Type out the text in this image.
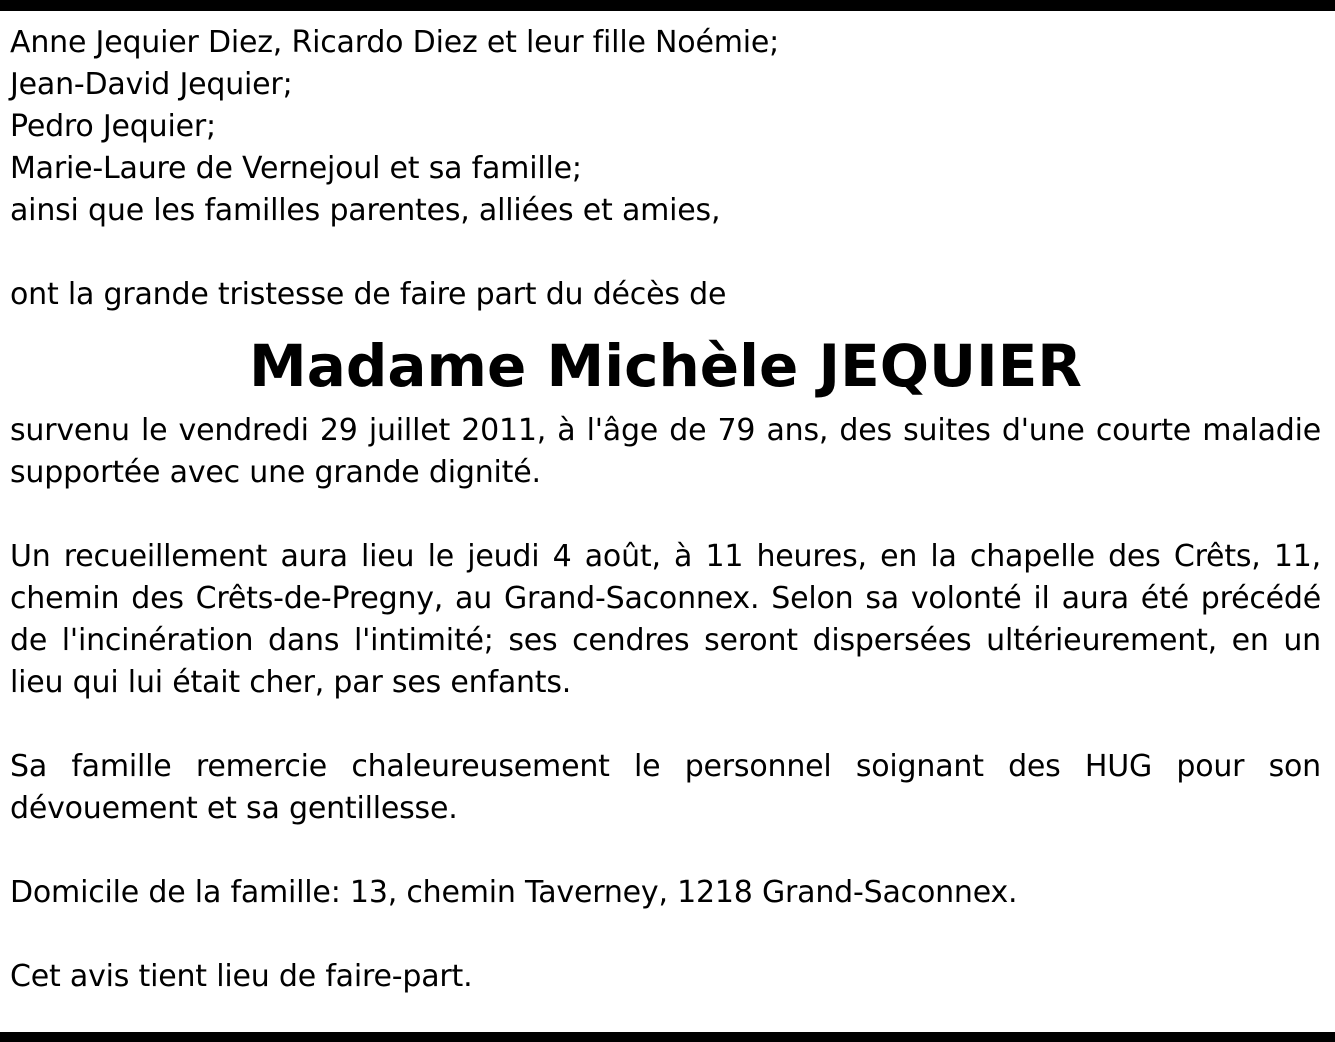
Anne Jequier Diez, Ricardo Diez et leur fille Noémie;
Jean-David Jequier;
Pedro Jequier;
Marie-Laure de Vernejoul et sa famille;
ainsi que les familles parentes, alliées et amies,
ont la grande tristesse de faire part du décès de
Madame Michèle JEQUIER
survenu le vendredi 29 juillet 2011, à l'âge de 79 ans, des suites d'une courte maladie supportée avec une grande dignité.
Un recueillement aura lieu le jeudi 4 août, à 11 heures, en la chapelle des Crêts, 11, chemin des Crêts-de-Pregny, au Grand-Saconnex. Selon sa volonté il aura été précédé de l'incinération dans l'intimité; ses cendres seront dispersées ultérieurement, en un lieu qui lui était cher, par ses enfants.
Sa famille remercie chaleureusement le personnel soignant des HUG pour son dévouement et sa gentillesse.
Domicile de la famille: 13, chemin Taverney, 1218 Grand-Saconnex.
Cet avis tient lieu de faire-part.
